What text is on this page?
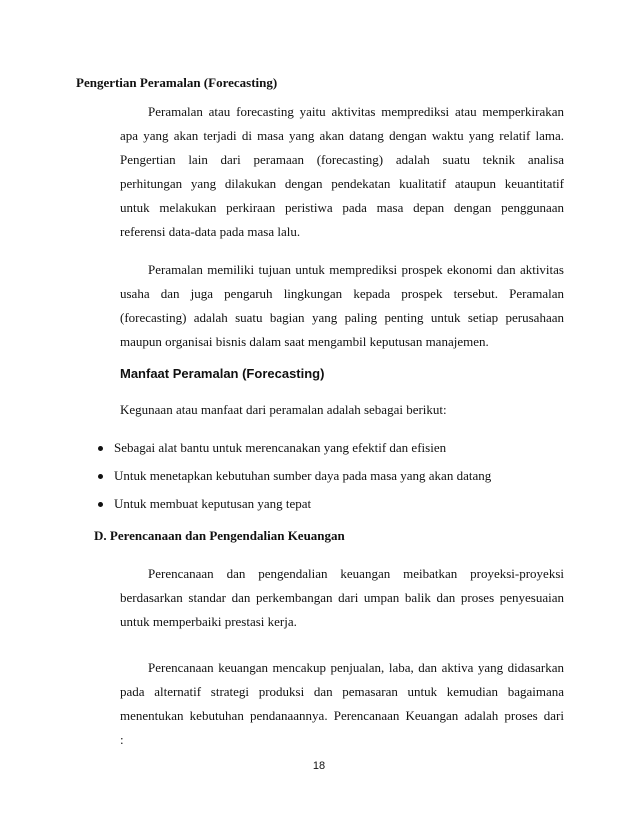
Pengertian Peramalan (Forecasting)
Peramalan atau forecasting yaitu aktivitas memprediksi atau memperkirakan
apa yang akan terjadi di masa yang akan datang dengan waktu yang relatif lama.
Pengertian lain dari peramaan (forecasting) adalah suatu teknik analisa
perhitungan yang dilakukan dengan pendekatan kualitatif ataupun keuantitatif
untuk melakukan perkiraan peristiwa pada masa depan dengan penggunaan
referensi data-data pada masa lalu.
Peramalan memiliki tujuan untuk memprediksi prospek ekonomi dan aktivitas
usaha dan juga pengaruh lingkungan kepada prospek tersebut. Peramalan
(forecasting) adalah suatu bagian yang paling penting untuk setiap perusahaan
maupun organisai bisnis dalam saat mengambil keputusan manajemen.
Manfaat Peramalan (Forecasting)
Kegunaan atau manfaat dari peramalan adalah sebagai berikut:
Sebagai alat bantu untuk merencanakan yang efektif dan efisien
Untuk menetapkan kebutuhan sumber daya pada masa yang akan datang
Untuk membuat keputusan yang tepat
D. Perencanaan dan Pengendalian Keuangan
Perencanaan dan pengendalian keuangan meibatkan proyeksi-proyeksi
berdasarkan standar dan perkembangan dari umpan balik dan proses penyesuaian
untuk memperbaiki prestasi kerja.
Perencanaan keuangan mencakup penjualan, laba, dan aktiva yang didasarkan
pada alternatif strategi produksi dan pemasaran untuk kemudian bagaimana
menentukan kebutuhan pendanaannya. Perencanaan Keuangan adalah proses dari
:
18
